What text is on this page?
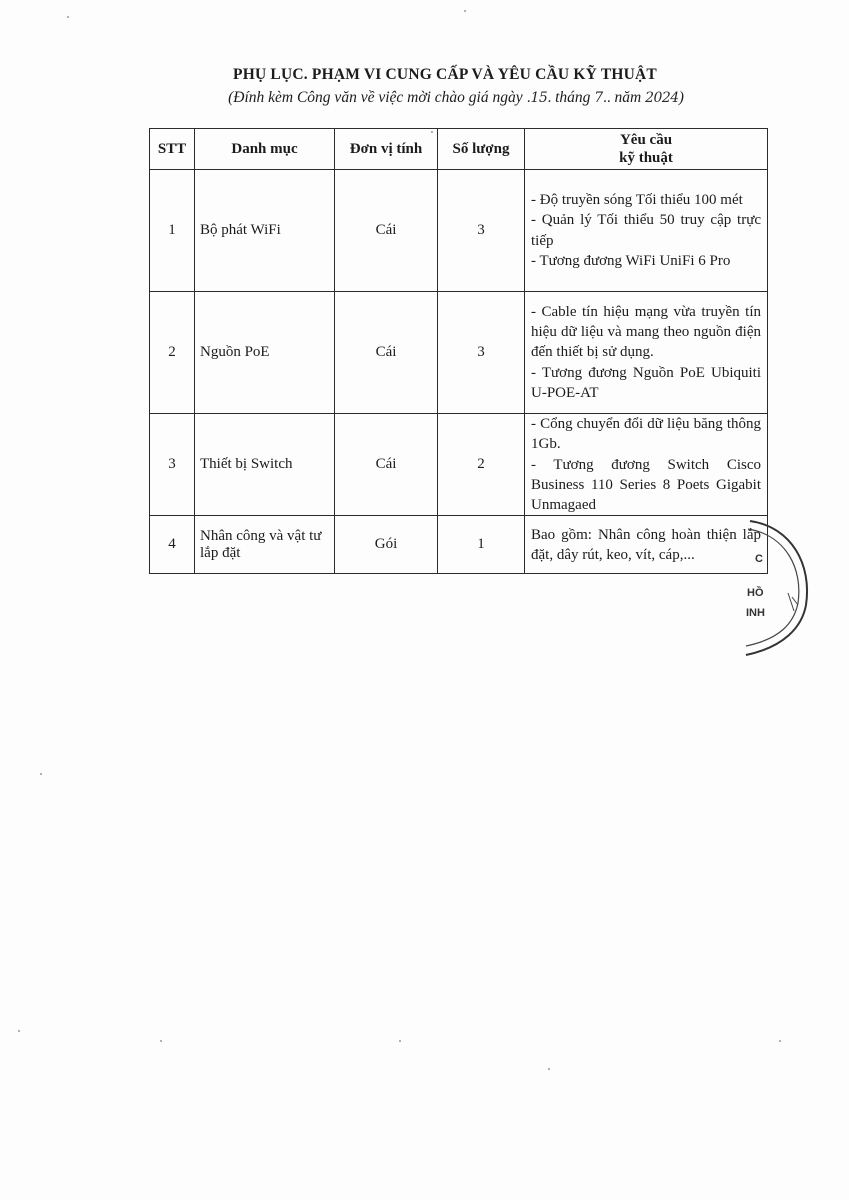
PHỤ LỤC. PHẠM VI CUNG CẤP VÀ YÊU CẦU KỸ THUẬT
(Đính kèm Công văn về việc mời chào giá ngày .15. tháng 7.. năm 2024)
STT	Danh mục	Đơn vị tính	Số lượng	Yêu cầu
kỹ thuật

1	Bộ phát WiFi	Cái	3	- Độ truyền sóng Tối thiểu 100 mét
- Quản lý Tối thiểu 50 truy cập trực tiếp
- Tương đương WiFi UniFi 6 Pro

2	Nguồn PoE	Cái	3	- Cable tín hiệu mạng vừa truyền tín hiệu dữ liệu và mang theo nguồn điện đến thiết bị sử dụng.
- Tương đương Nguồn PoE Ubiquiti U-POE-AT

3	Thiết bị Switch	Cái	2	- Cổng chuyển đổi dữ liệu băng thông 1Gb.
- Tương đương Switch Cisco Business 110 Series 8 Poets Gigabit Unmagaed

4	Nhân công và vật tư lắp đặt	Gói	1	Bao gồm: Nhân công hoàn thiện lắp đặt, dây rút, keo, vít, cáp,...	C
HỒ
INH
